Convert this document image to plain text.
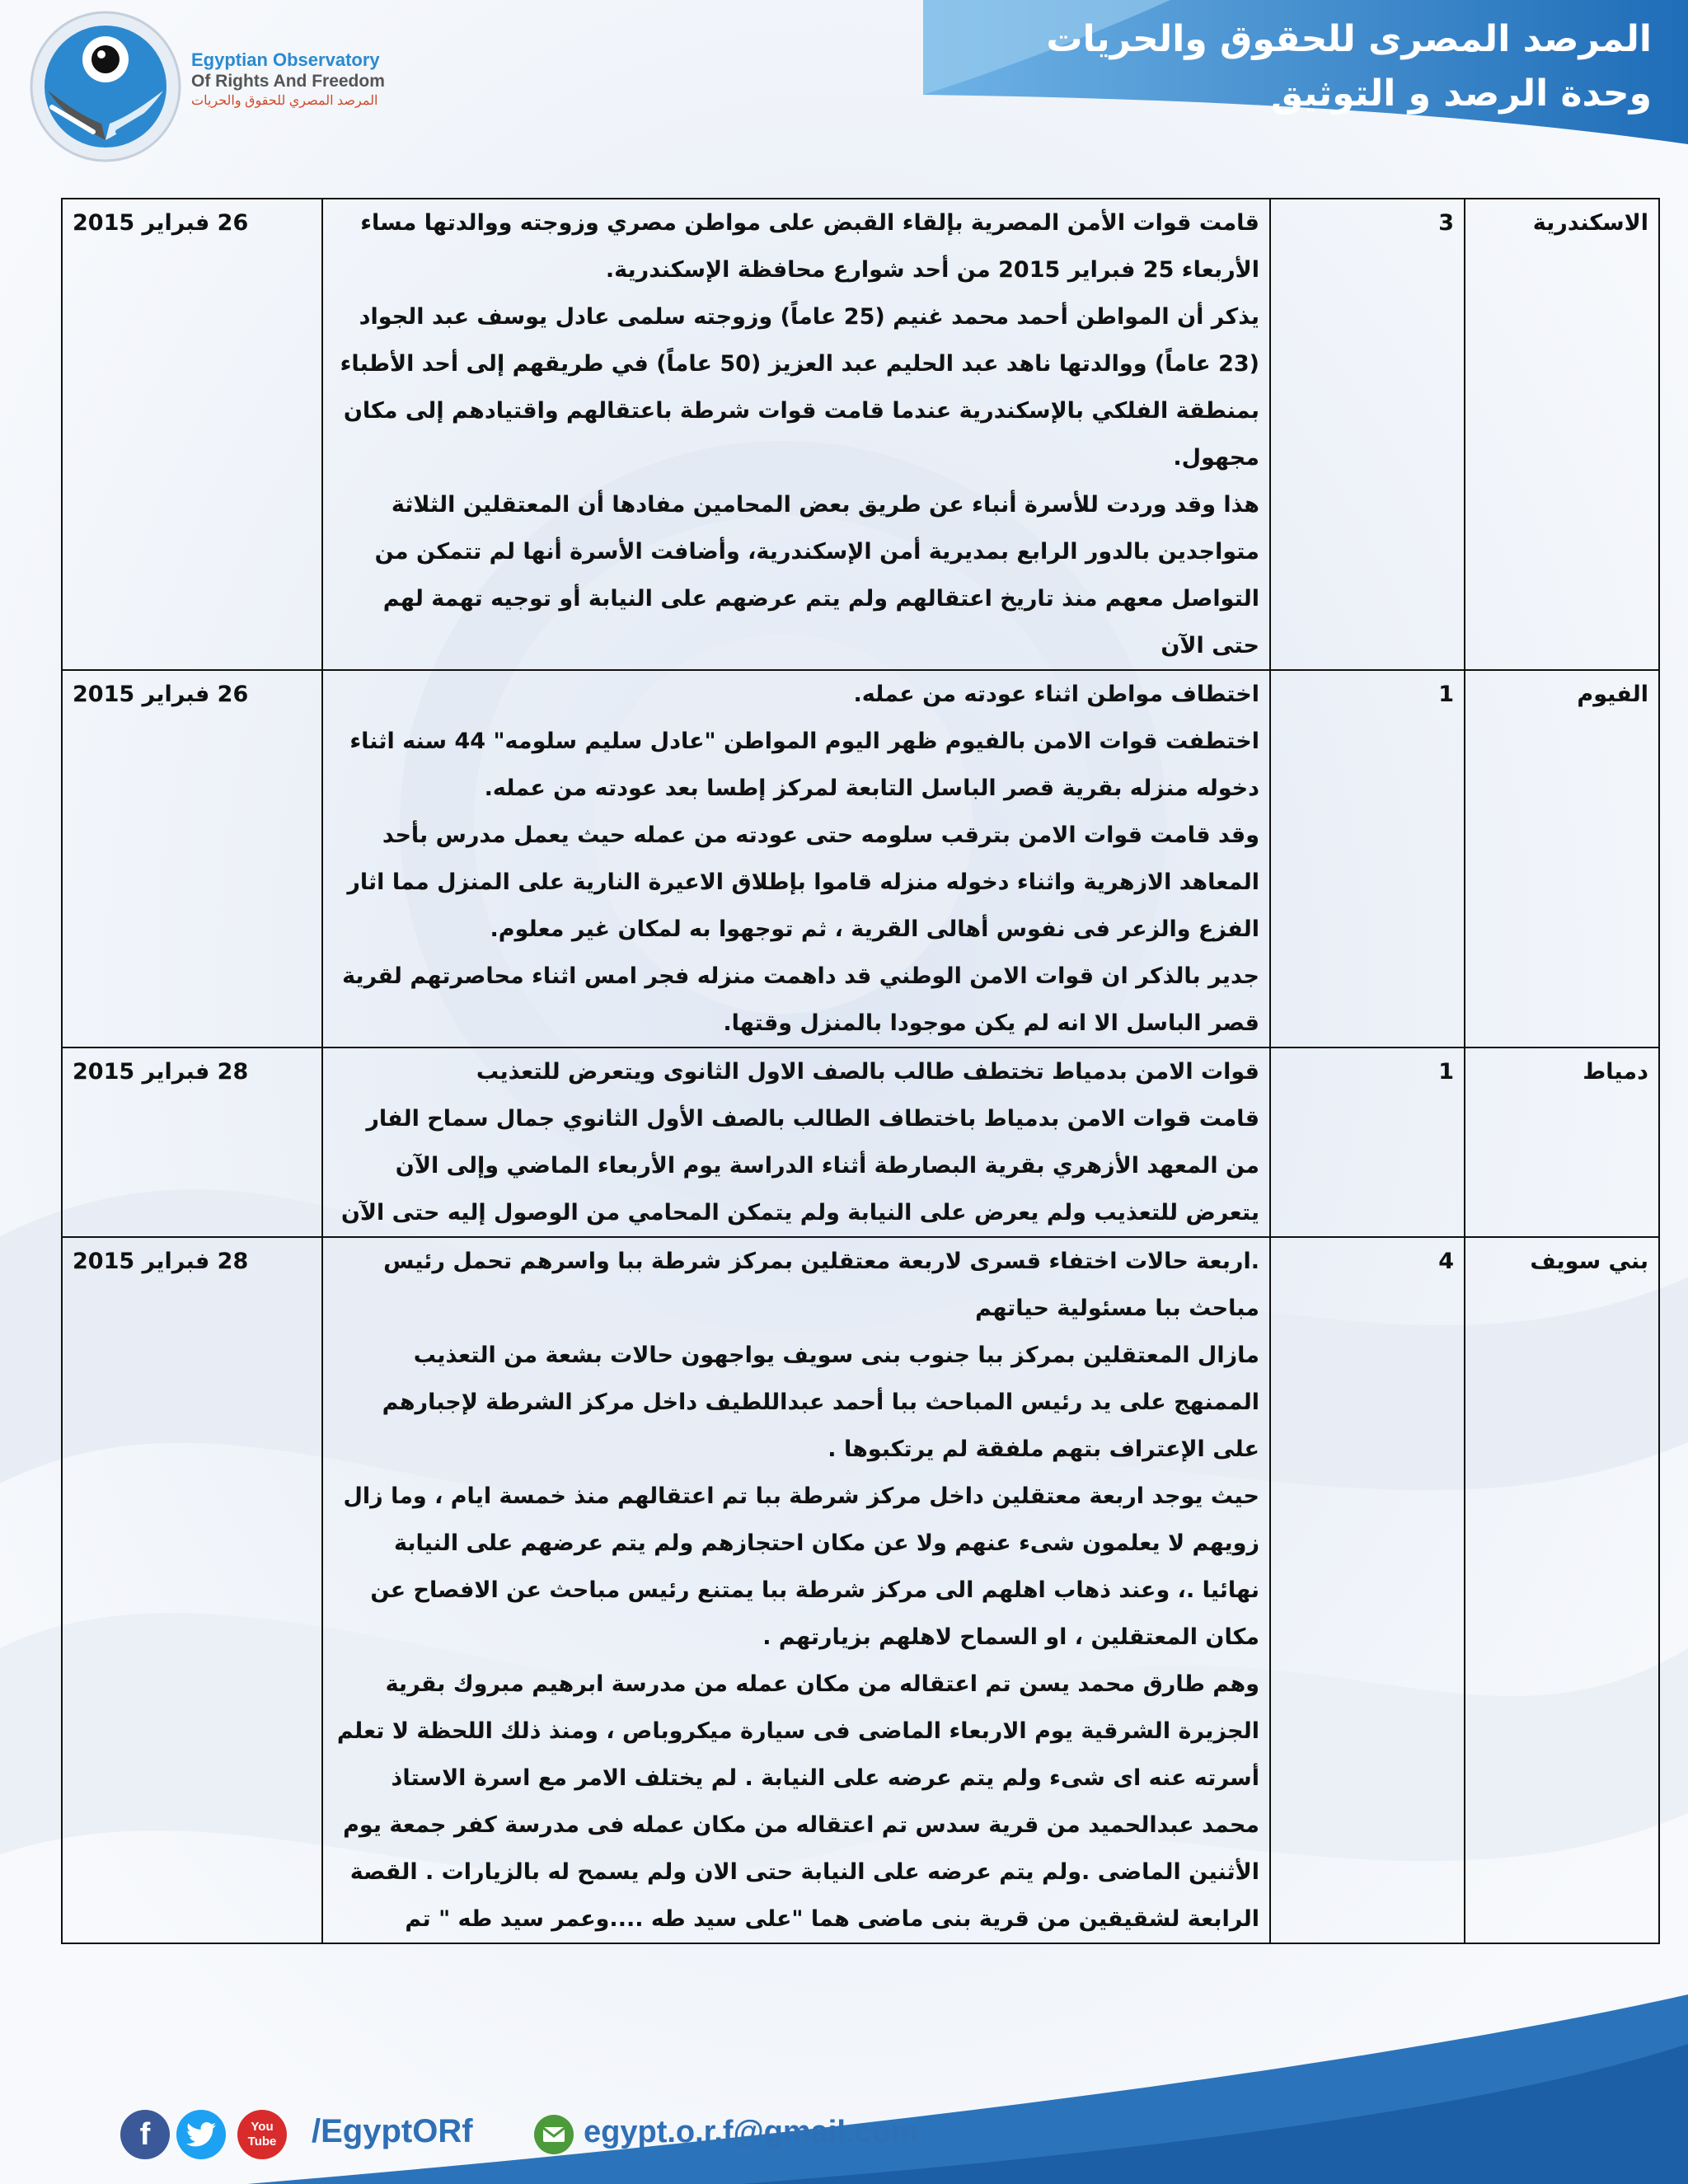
Egyptian Observatory
Of Rights And Freedom
المرصد المصري للحقوق والحريات
المرصد المصرى للحقوق والحريات
وحدة الرصد و التوثيق
الاسكندرية	3	قامت قوات الأمن المصرية بإلقاء القبض على مواطن مصري وزوجته ووالدتها مساء الأربعاء 25 فبراير 2015 من أحد شوارع محافظة الإسكندرية.
يذكر أن المواطن أحمد محمد غنيم (25 عاماً) وزوجته سلمى عادل يوسف عبد الجواد (23 عاماً) ووالدتها ناهد عبد الحليم عبد العزيز (50 عاماً) في طريقهم إلى أحد الأطباء بمنطقة الفلكي بالإسكندرية عندما قامت قوات شرطة باعتقالهم واقتيادهم إلى مكان مجهول.
هذا وقد وردت للأسرة أنباء عن طريق بعض المحامين مفادها أن المعتقلين الثلاثة متواجدين بالدور الرابع بمديرية أمن الإسكندرية، وأضافت الأسرة أنها لم تتمكن من التواصل معهم منذ تاريخ اعتقالهم ولم يتم عرضهم على النيابة أو توجيه تهمة لهم حتى الآن	26 فبراير 2015
الفيوم	1	اختطاف مواطن اثناء عودته من عمله.
اختطفت قوات الامن بالفيوم ظهر اليوم المواطن "عادل سليم سلومه" 44 سنه اثناء دخوله منزله بقرية قصر الباسل التابعة لمركز إطسا بعد عودته من عمله.
وقد قامت قوات الامن بترقب سلومه حتى عودته من عمله حيث يعمل مدرس بأحد المعاهد الازهرية واثناء دخوله منزله قاموا بإطلاق الاعيرة النارية على المنزل مما اثار الفزع والزعر فى نفوس أهالى القرية ، ثم توجهوا به لمكان غير معلوم.
جدير بالذكر ان قوات الامن الوطني قد داهمت منزله فجر امس اثناء محاصرتهم لقرية قصر الباسل الا انه لم يكن موجودا بالمنزل وقتها.	26 فبراير 2015
دمياط	1	قوات الامن بدمياط تختطف طالب بالصف الاول الثانوى ويتعرض للتعذيب
قامت قوات الامن بدمياط باختطاف الطالب بالصف الأول الثانوي جمال سماح الفار من المعهد الأزهري بقرية البصارطة أثناء الدراسة يوم الأربعاء الماضي وإلى الآن يتعرض للتعذيب ولم يعرض على النيابة ولم يتمكن المحامي من الوصول إليه حتى الآن	28 فبراير 2015
بني سويف	4	.اربعة حالات اختفاء قسرى لاربعة معتقلين بمركز شرطة ببا واسرهم تحمل رئيس مباحث ببا مسئولية حياتهم
مازال المعتقلين بمركز ببا جنوب بنى سويف يواجهون حالات بشعة من التعذيب الممنهج على يد رئيس المباحث ببا أحمد عبداللطيف داخل مركز الشرطة لإجبارهم على الإعتراف بتهم ملفقة لم يرتكبوها .
حيث يوجد اربعة معتقلين داخل مركز شرطة ببا تم اعتقالهم منذ خمسة ايام ، وما زال زويهم لا يعلمون شىء عنهم ولا عن مكان احتجازهم ولم يتم عرضهم على النيابة نهائيا .، وعند ذهاب اهلهم الى مركز شرطة ببا يمتنع رئيس مباحث عن الافصاح عن مكان المعتقلين ، او السماح لاهلهم بزيارتهم .
وهم طارق محمد يسن تم اعتقاله من مكان عمله من مدرسة ابرهيم مبروك بقرية الجزيرة الشرقية يوم الاربعاء الماضى فى سيارة ميكروباص ، ومنذ ذلك اللحظة لا تعلم أسرته عنه اى شىء ولم يتم عرضه على النيابة . لم يختلف الامر مع اسرة الاستاذ محمد عبدالحميد من قرية سدس تم اعتقاله من مكان عمله فى مدرسة كفر جمعة يوم الأثنين الماضى .ولم يتم عرضه على النيابة حتى الان ولم يسمح له بالزيارات . القصة الرابعة لشقيقين من قرية بنى ماضى هما "على سيد طه ....وعمر سيد طه " تم	28 فبراير 2015
f	You
Tube	/EgyptORf	egypt.o.r.f@gmail.com
